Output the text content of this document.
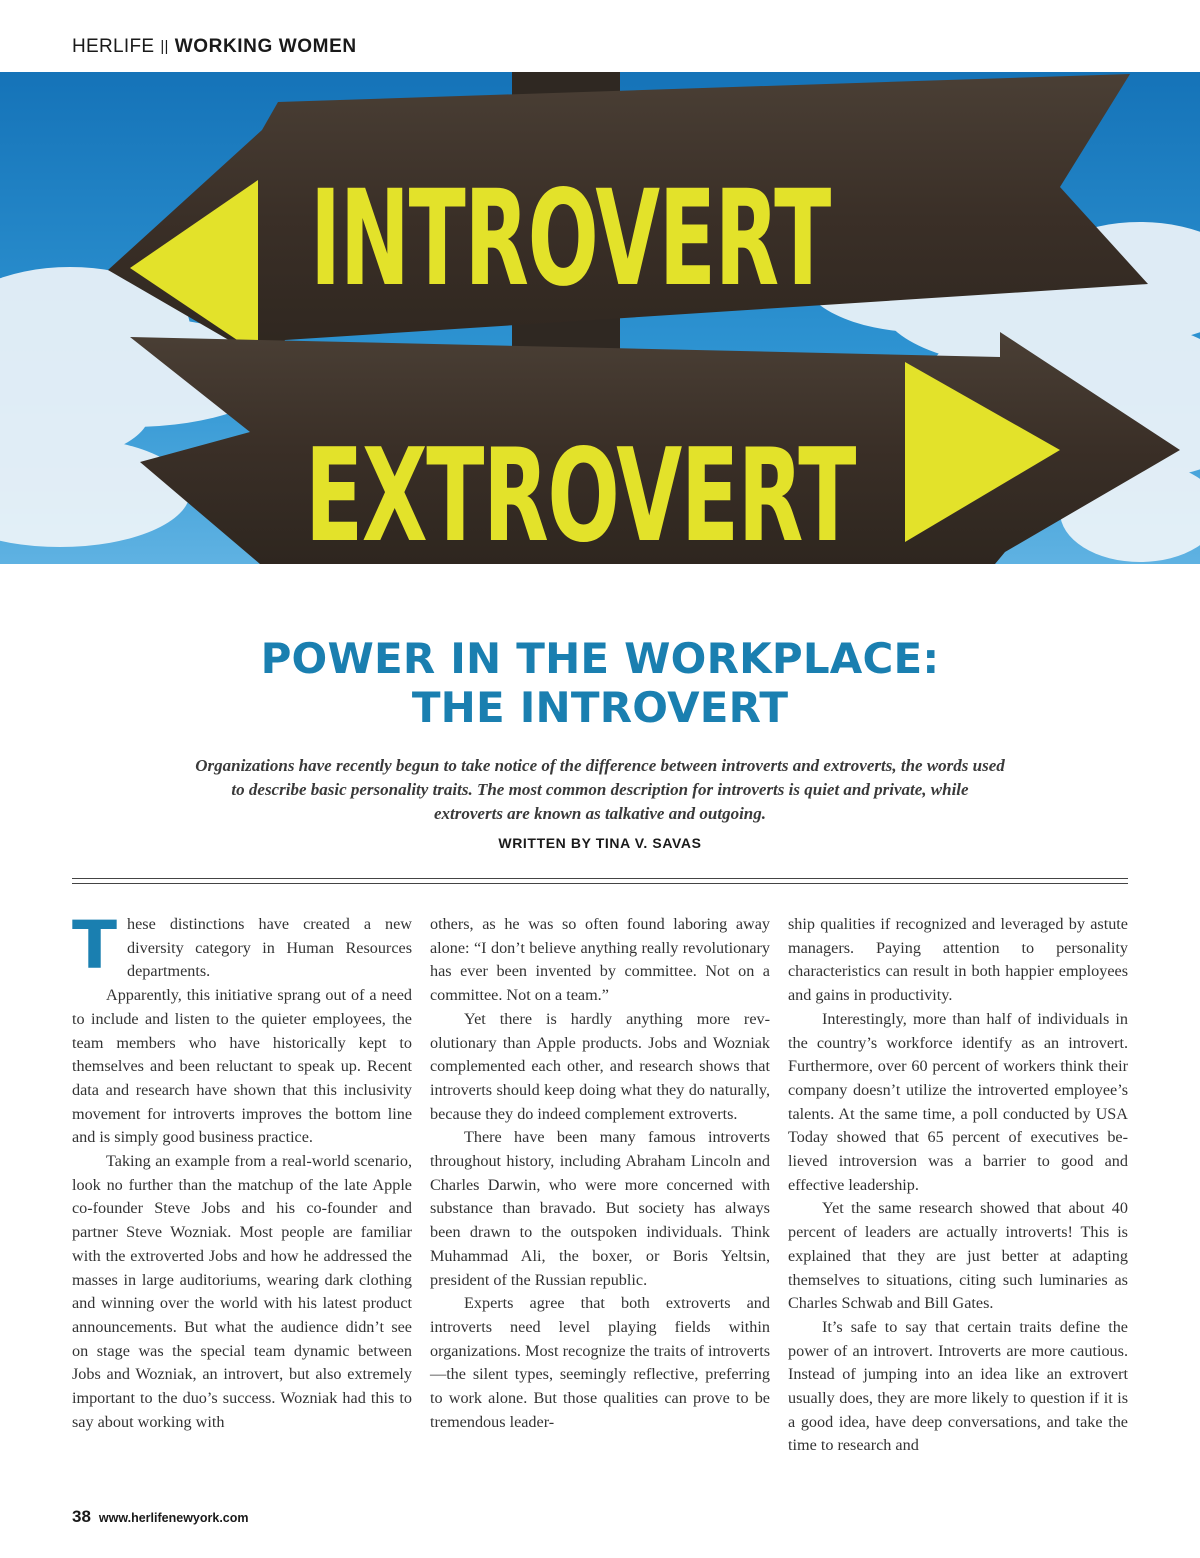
HERLIFE || WORKING WOMEN
INTROVERT
EXTROVERT
POWER IN THE WORKPLACE:
THE INTROVERT
Organizations have recently begun to take notice of the difference between introverts and extroverts, the words used
to describe basic personality traits. The most common description for introverts is quiet and private, while
extroverts are known as talkative and outgoing.
WRITTEN BY TINA V. SAVAS

These distinctions have created a new diversity category in Human Resources departments.

Apparently, this initiative sprang out of a need to include and listen to the quieter employees, the team members who have historically kept to themselves and been reluctant to speak up. Recent data and research have shown that this inclusivity movement for introverts improves the bottom line and is simply good business practice.

Taking an example from a real-world scenario, look no further than the matchup of the late Apple co-founder Steve Jobs and his co-founder and partner Steve Wozniak. Most people are familiar with the extroverted Jobs and how he addressed the masses in large auditoriums, wearing dark clothing and winning over the world with his latest product announcements. But what the audience didn’t see on stage was the special team dynamic between Jobs and Wozniak, an introvert, but also extremely important to the duo’s success. Wozniak had this to say about working with

others, as he was so often found laboring away alone: “I don’t believe anything really revolutionary has ever been invented by committee. Not on a committee. Not on a team.”

Yet there is hardly anything more revolutionary than Apple products. Jobs and Wozniak complemented each other, and research shows that introverts should keep doing what they do naturally, because they do indeed complement extroverts.

There have been many famous introverts throughout history, including Abraham Lincoln and Charles Darwin, who were more concerned with substance than bravado. But society has always been drawn to the outspoken individuals. Think Muhammad Ali, the boxer, or Boris Yeltsin, president of the Russian republic.

Experts agree that both extroverts and introverts need level playing fields within organizations. Most recognize the traits of introverts—the silent types, seemingly reflective, preferring to work alone. But those qualities can prove to be tremendous leader-

ship qualities if recognized and leveraged by astute managers. Paying attention to personality characteristics can result in both happier employees and gains in productivity.

Interestingly, more than half of individuals in the country’s workforce identify as an introvert. Furthermore, over 60 percent of workers think their company doesn’t utilize the introverted employee’s talents. At the same time, a poll conducted by USA Today showed that 65 percent of executives believed introversion was a barrier to good and effective leadership.

Yet the same research showed that about 40 percent of leaders are actually introverts! This is explained that they are just better at adapting themselves to situations, citing such luminaries as Charles Schwab and Bill Gates.

It’s safe to say that certain traits define the power of an introvert. Introverts are more cautious. Instead of jumping into an idea like an extrovert usually does, they are more likely to question if it is a good idea, have deep conversations, and take the time to research and

38 www.herlifenewyork.com
